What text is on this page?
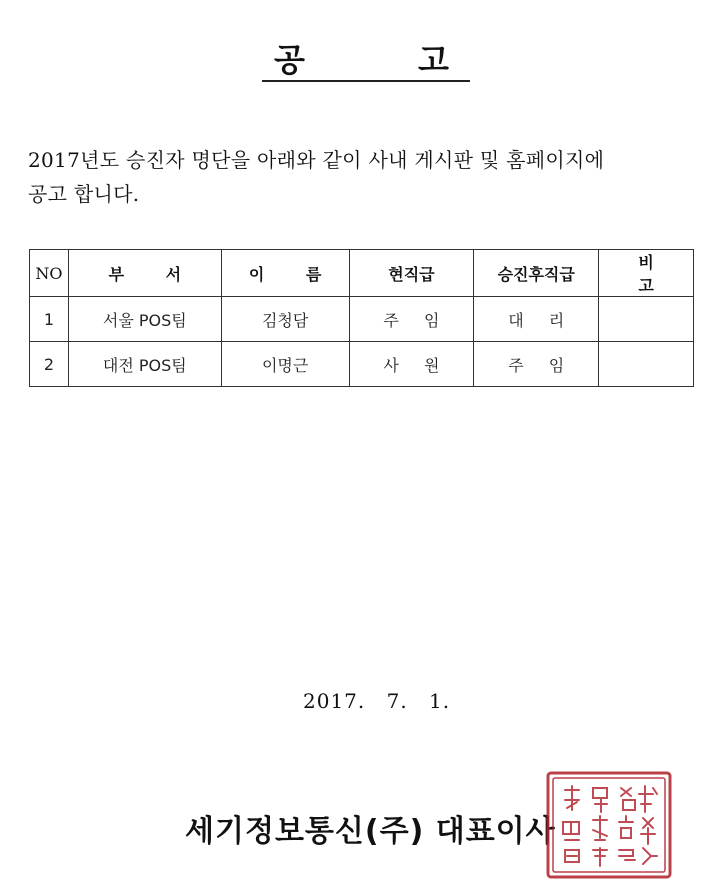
공	고
2017년도 승진자 명단을 아래와 같이 사내 게시판 및 홈페이지에
공고 합니다.
NO	부 서	이 름	현직급	승진후직급	비 고
1	서울 POS팀	김청담	주 임	대 리	
2	대전 POS팀	이명근	사 원	주 임	
2017. 7. 1.
세기정보통신(주) 대표이사
